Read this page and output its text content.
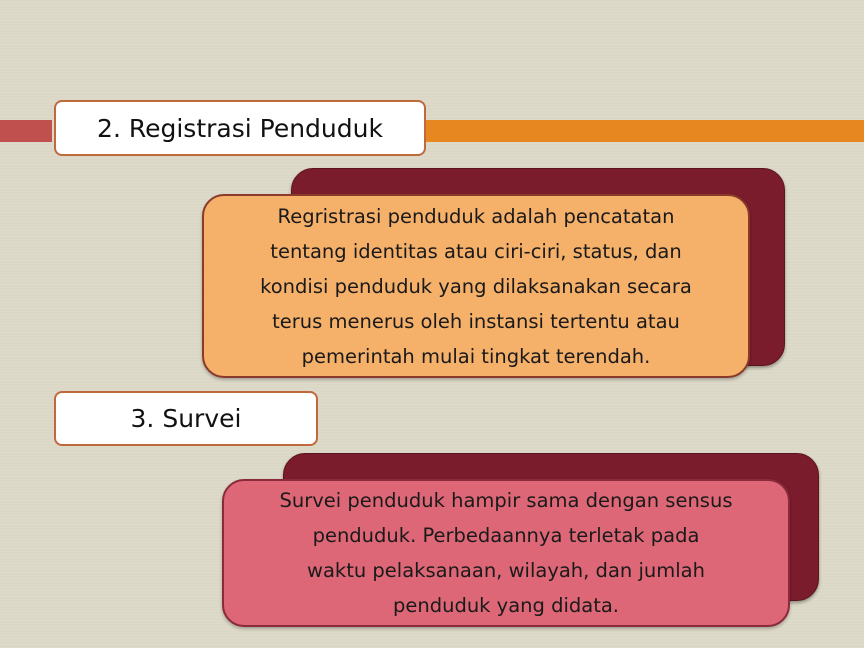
2. Registrasi Penduduk
Regristrasi penduduk adalah pencatatan
tentang identitas atau ciri-ciri, status, dan
kondisi penduduk yang dilaksanakan secara
terus menerus oleh instansi tertentu atau
pemerintah mulai tingkat terendah.
3. Survei
Survei penduduk hampir sama dengan sensus
penduduk. Perbedaannya terletak pada
waktu pelaksanaan, wilayah, dan jumlah
penduduk yang didata.
